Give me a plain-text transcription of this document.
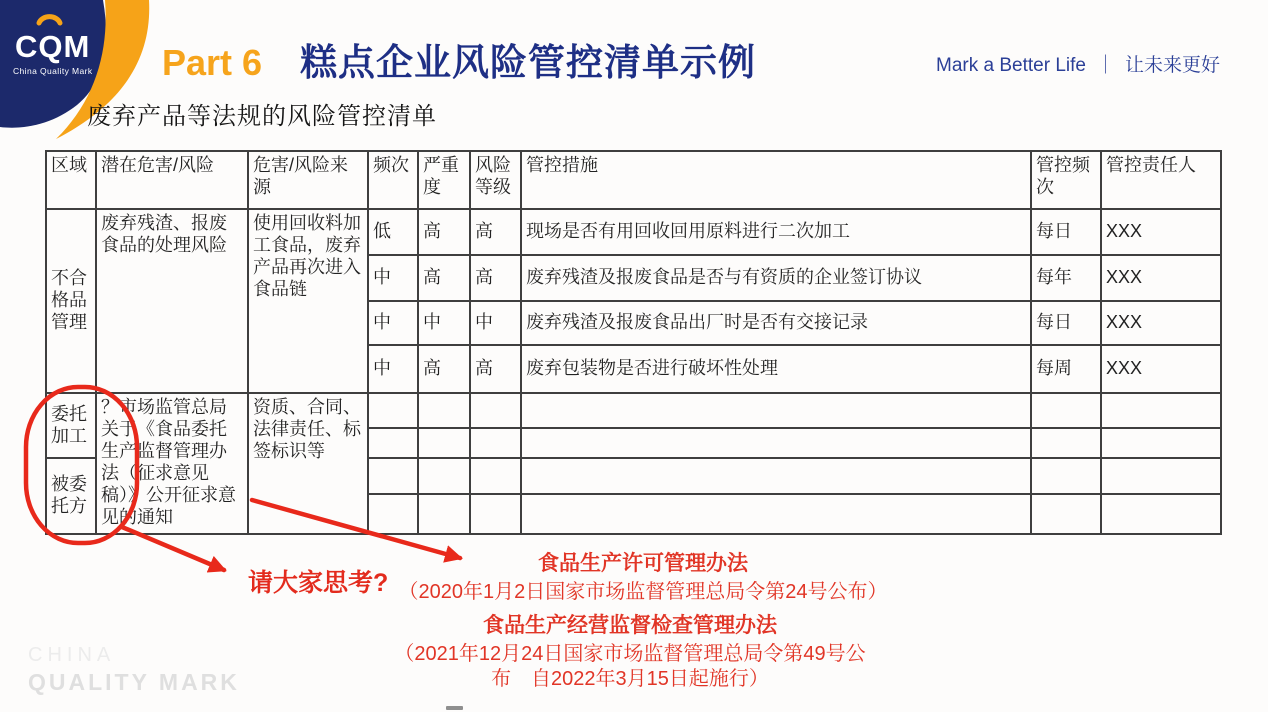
CQM
China Quality Mark Part 6 糕点企业风险管控清单示例	Mark a Better Life ｜ 让未来更好
废弃产品等法规的风险管控清单
区域	潜在危害/风险	危害/风险来源	频次	严重度	风险等级	管控措施	管控频次	管控责任人
不合格品管理	废弃残渣、报废食品的处理风险	使用回收料加工食品，废弃产品再次进入食品链	低	高	高	现场是否有用回收回用原料进行二次加工	每日	XXX
			中	高	高	废弃残渣及报废食品是否与有资质的企业签订协议	每年	XXX
			中	中	中	废弃残渣及报废食品出厂时是否有交接记录	每日	XXX
			中	高	高	废弃包装物是否进行破坏性处理	每周	XXX
委托加工	？市场监管总局关于《食品委托生产监督管理办法（征求意见稿）》公开征求意见的通知	资质、合同、法律责任、标签标识等						

被委托方								

请大家思考?
食品生产许可管理办法
（2020年1月2日国家市场监督管理总局令第24号公布）
食品生产经营监督检查管理办法
（2021年12月24日国家市场监督管理总局令第49号公
布　自2022年3月15日起施行）
CHINA
QUALITY MARK
